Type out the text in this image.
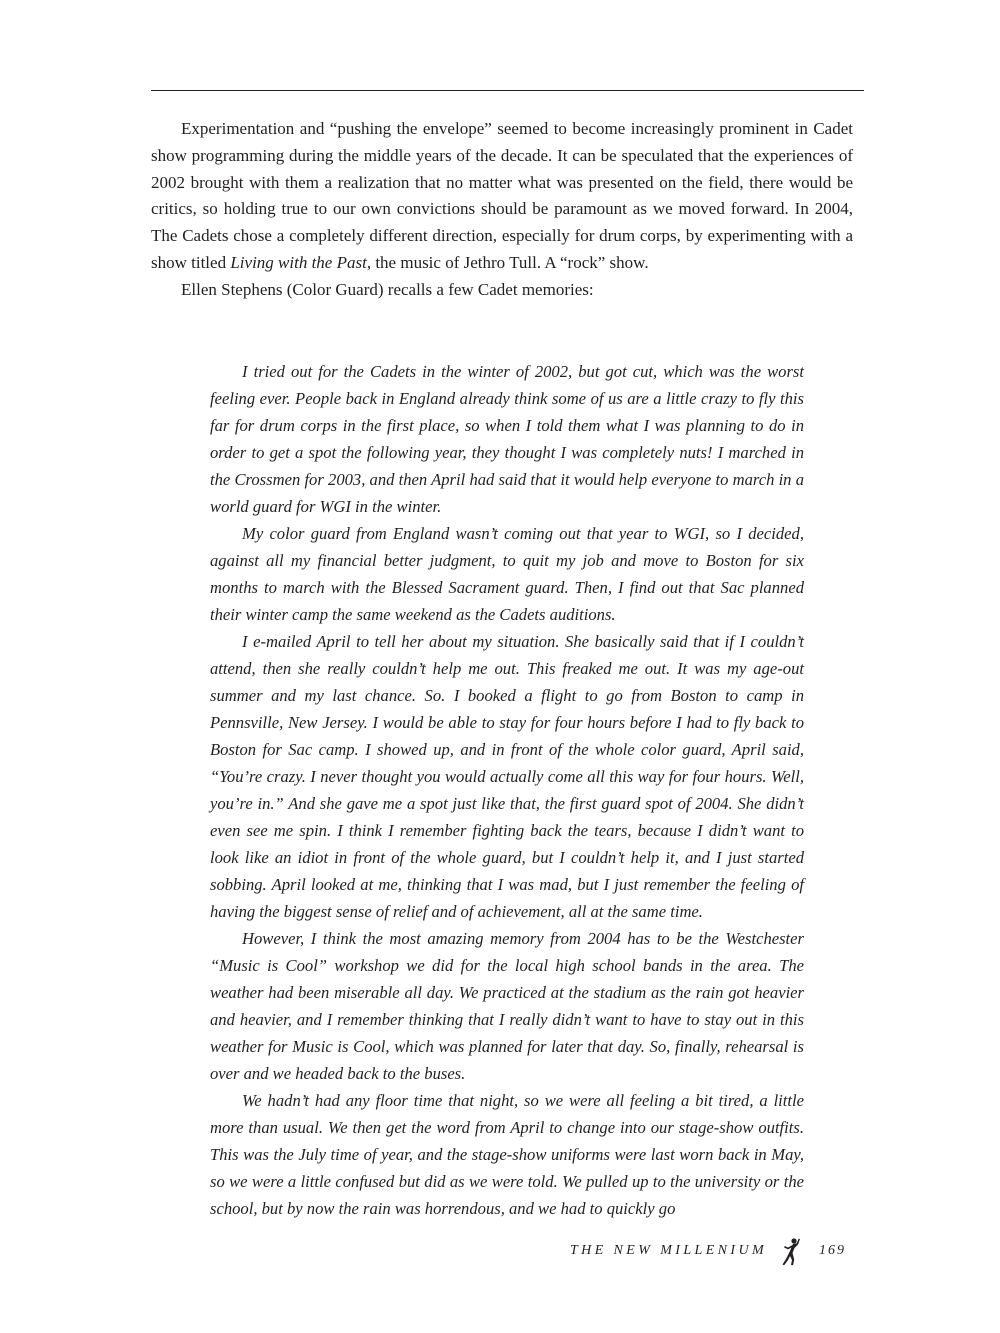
Experimentation and “pushing the envelope” seemed to become increasingly prominent in Cadet show programming during the middle years of the decade. It can be speculated that the experiences of 2002 brought with them a realization that no matter what was presented on the field, there would be critics, so holding true to our own convictions should be paramount as we moved forward. In 2004, The Cadets chose a completely different direction, especially for drum corps, by experimenting with a show titled Living with the Past, the music of Jethro Tull. A “rock” show.

Ellen Stephens (Color Guard) recalls a few Cadet memories:

I tried out for the Cadets in the winter of 2002, but got cut, which was the worst feeling ever. People back in England already think some of us are a little crazy to fly this far for drum corps in the first place, so when I told them what I was planning to do in order to get a spot the following year, they thought I was completely nuts! I marched in the Crossmen for 2003, and then April had said that it would help everyone to march in a world guard for WGI in the winter.

My color guard from England wasn’t coming out that year to WGI, so I decided, against all my financial better judgment, to quit my job and move to Boston for six months to march with the Blessed Sacrament guard. Then, I find out that Sac planned their winter camp the same weekend as the Cadets auditions.

I e-mailed April to tell her about my situation. She basically said that if I couldn’t attend, then she really couldn’t help me out. This freaked me out. It was my age-out summer and my last chance. So. I booked a flight to go from Boston to camp in Pennsville, New Jersey. I would be able to stay for four hours before I had to fly back to Boston for Sac camp. I showed up, and in front of the whole color guard, April said, “You’re crazy. I never thought you would actually come all this way for four hours. Well, you’re in.” And she gave me a spot just like that, the first guard spot of 2004. She didn’t even see me spin. I think I remember fighting back the tears, because I didn’t want to look like an idiot in front of the whole guard, but I couldn’t help it, and I just started sobbing. April looked at me, thinking that I was mad, but I just remember the feeling of having the biggest sense of relief and of achievement, all at the same time.

However, I think the most amazing memory from 2004 has to be the Westchester “Music is Cool” workshop we did for the local high school bands in the area. The weather had been miserable all day. We practiced at the stadium as the rain got heavier and heavier, and I remember thinking that I really didn’t want to have to stay out in this weather for Music is Cool, which was planned for later that day. So, finally, rehearsal is over and we headed back to the buses.

We hadn’t had any floor time that night, so we were all feeling a bit tired, a little more than usual. We then get the word from April to change into our stage-show outfits. This was the July time of year, and the stage-show uniforms were last worn back in May, so we were a little confused but did as we were told. We pulled up to the university or the school, but by now the rain was horrendous, and we had to quickly go

THE NEW MILLENIUM	169
